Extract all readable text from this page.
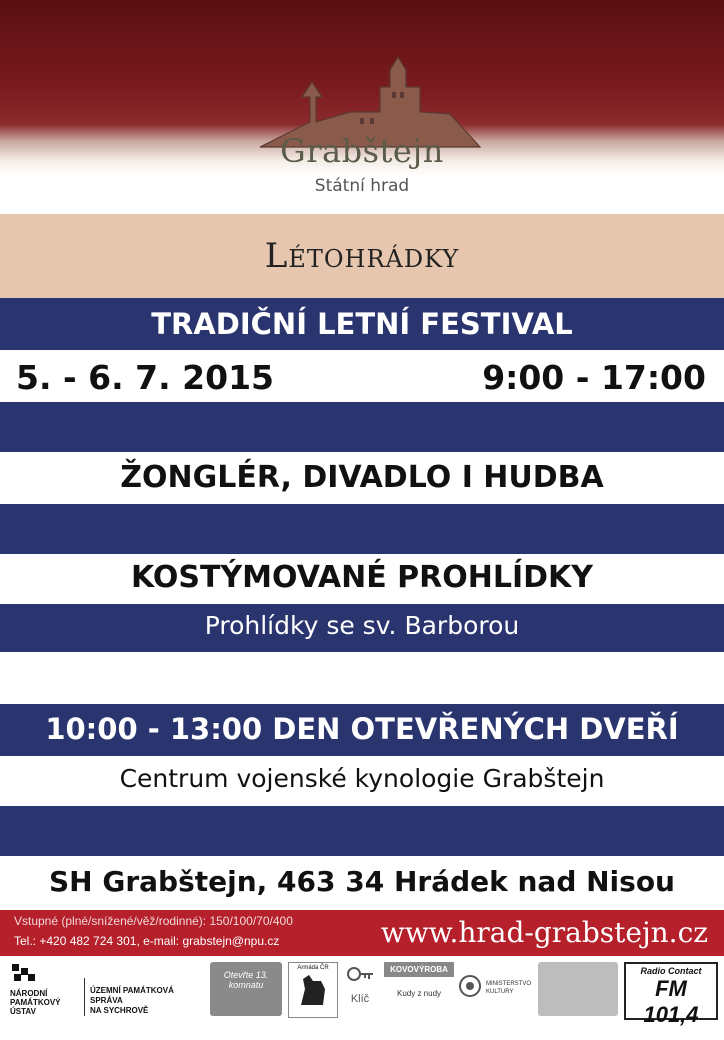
Grabštejn
Státní hrad
Létohrádky
TRADIČNÍ LETNÍ FESTIVAL
5. - 6. 7. 2015	9:00 - 17:00
ŽONGLÉR, DIVADLO I HUDBA
KOSTÝMOVANÉ PROHLÍDKY
Prohlídky se sv. Barborou
10:00 - 13:00 DEN OTEVŘENÝCH DVEŘÍ
Centrum vojenské kynologie Grabštejn
SH Grabštejn, 463 34 Hrádek nad Nisou
Vstupné (plné/snížené/věž/rodinné): 150/100/70/400
Tel.: +420 482 724 301, e-mail: grabstejn@npu.cz	www.hrad-grabstejn.cz
NÁRODNÍ
PAMÁTKOVÝ
ÚSTAV
ÚZEMNÍ PAMÁTKOVÁ SPRÁVA
NA SYCHROVĚ
Otevřte 13. komnatu
Armáda ČR
Klíč
KOVOVÝROBA
Kudy z nudy
MINISTERSTVO
KULTURY
Radio Contact
FM 101,4
